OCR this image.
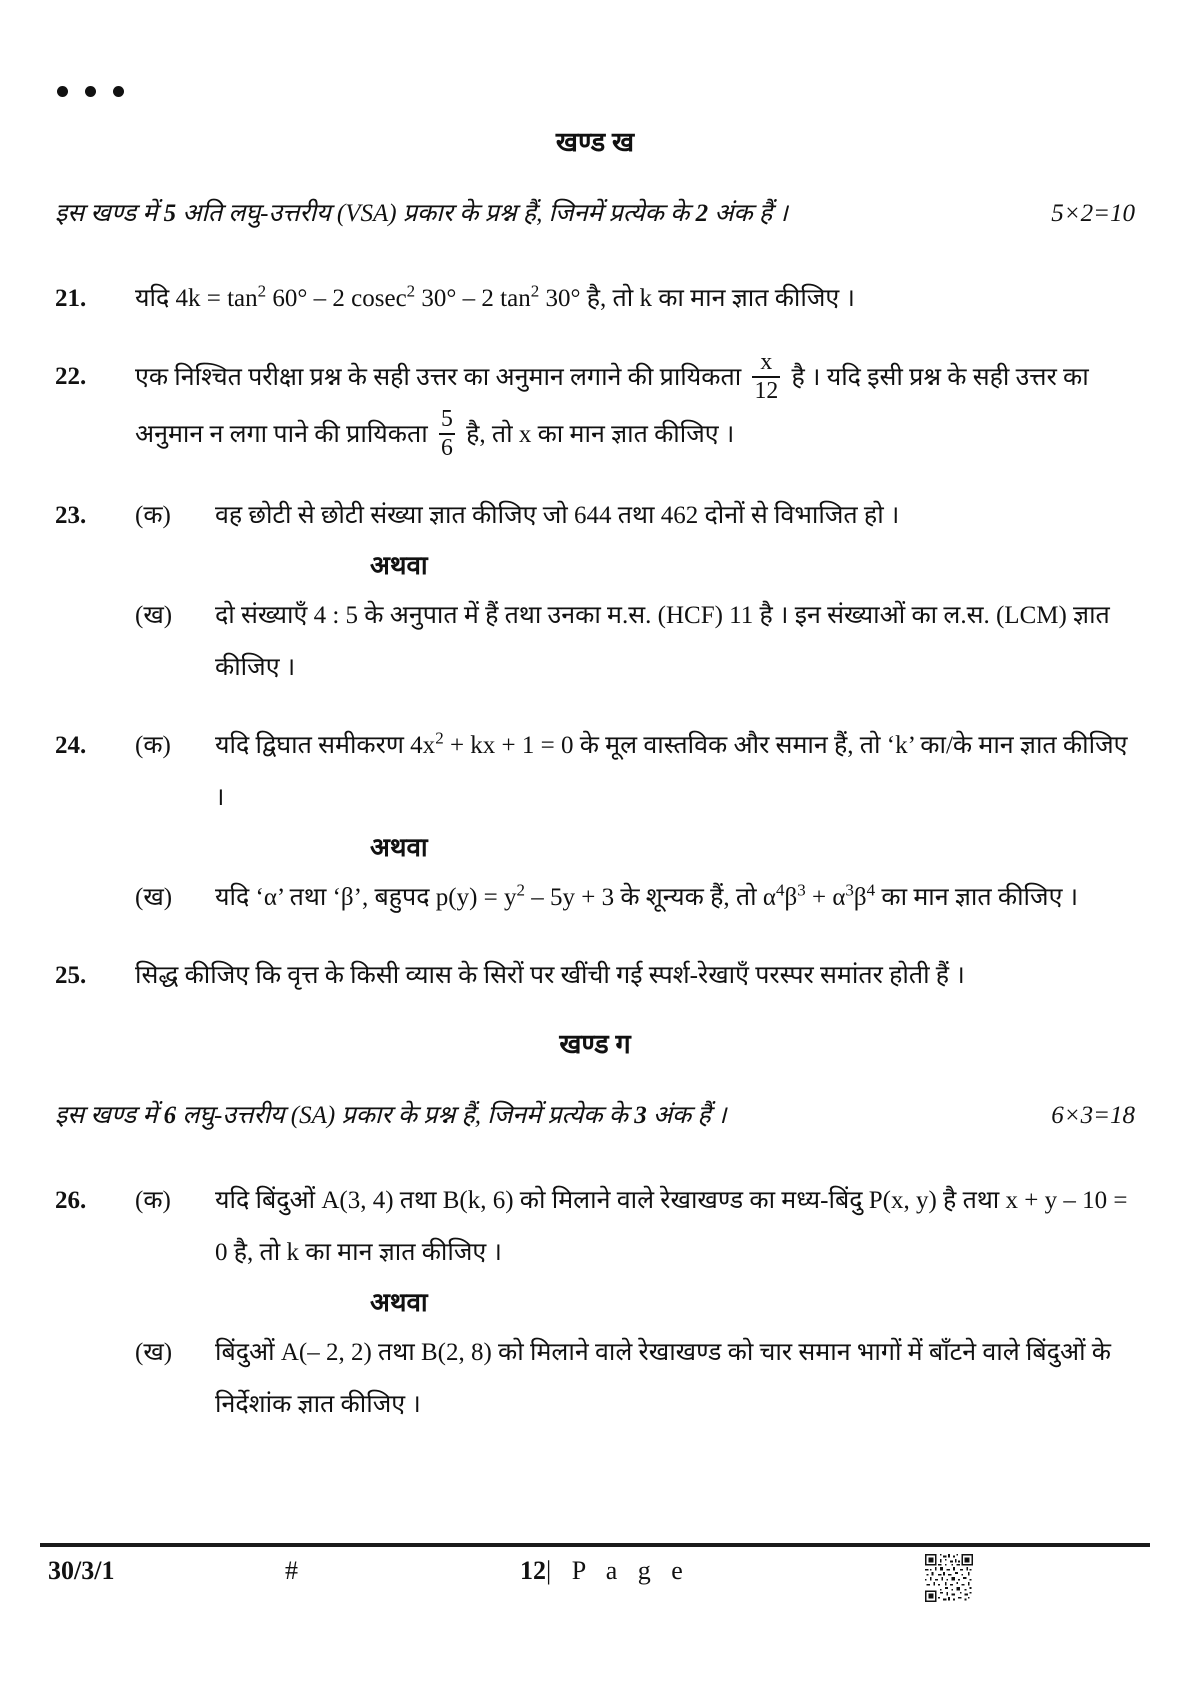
खण्ड ख
इस खण्ड में 5 अति लघु-उत्तरीय (VSA) प्रकार के प्रश्न हैं, जिनमें प्रत्येक के 2 अंक हैं ।	5×2=10
21.	यदि $4k = \tan^2 60^\circ - 2$ cosec$^2$ 30° – 2 $\tan^2 30^\circ$ है, तो k का मान ज्ञात कीजिए ।
22.	एक निश्चित परीक्षा प्रश्न के सही उत्तर का अनुमान लगाने की प्रायिकता $\frac{x}{12}$ है । यदि इसी प्रश्न के सही उत्तर का अनुमान न लगा पाने की प्रायिकता $\frac{5}{6}$ है, तो x का मान ज्ञात कीजिए ।
23.	(क)	वह छोटी से छोटी संख्या ज्ञात कीजिए जो 644 तथा 462 दोनों से विभाजित हो ।
अथवा
(ख)	दो संख्याएँ 4 : 5 के अनुपात में हैं तथा उनका म.स. (HCF) 11 है । इन संख्याओं का ल.स. (LCM) ज्ञात कीजिए ।
24.	(क)	यदि द्विघात समीकरण $4x^2$ + kx + 1 = 0 के मूल वास्तविक और समान हैं, तो ‘k’ का/के मान ज्ञात कीजिए ।
अथवा
(ख)	यदि ‘α’ तथा ‘β’, बहुपद $p(y) = y^2 - 5y + 3$ के शून्यक हैं, तो $\alpha^4\beta^3 + \alpha^3\beta^4$ का मान ज्ञात कीजिए ।
25.	सिद्ध कीजिए कि वृत्त के किसी व्यास के सिरों पर खींची गई स्पर्श-रेखाएँ परस्पर समांतर होती हैं ।
खण्ड ग
इस खण्ड में 6 लघु-उत्तरीय (SA) प्रकार के प्रश्न हैं, जिनमें प्रत्येक के 3 अंक हैं ।	6×3=18
26.	(क)	यदि बिंदुओं A(3, 4) तथा B(k, 6) को मिलाने वाले रेखाखण्ड का मध्य-बिंदु P(x, y) है तथा x + y – 10 = 0 है, तो k का मान ज्ञात कीजिए ।
अथवा
(ख)	बिंदुओं A(– 2, 2) तथा B(2, 8) को मिलाने वाले रेखाखण्ड को चार समान भागों में बाँटने वाले बिंदुओं के निर्देशांक ज्ञात कीजिए ।
30/3/1	#	12| P a g e
